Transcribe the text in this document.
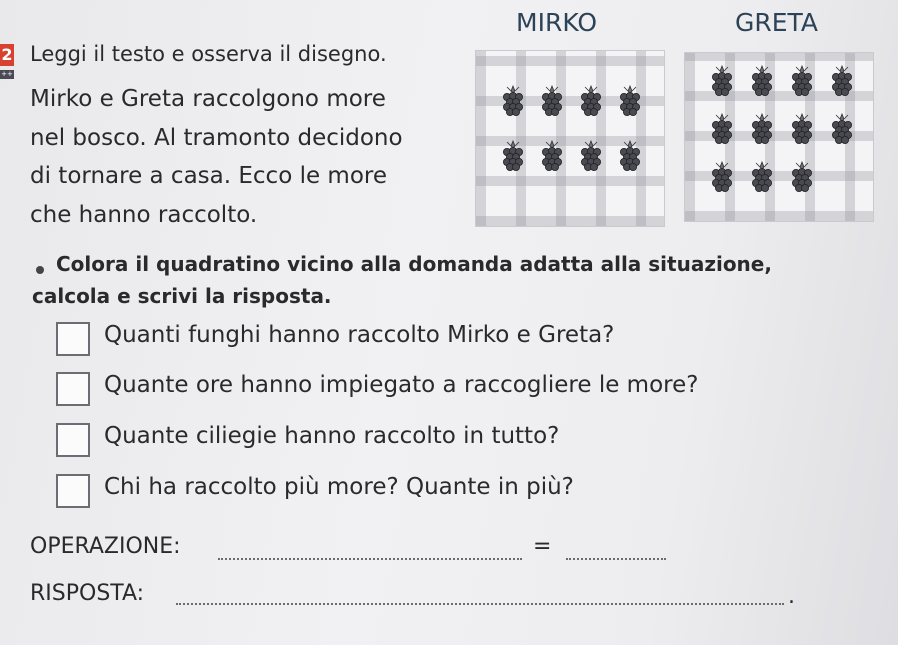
2
++
Leggi il testo e osserva il disegno.
Mirko e Greta raccolgono more
nel bosco. Al tramonto decidono
di tornare a casa. Ecco le more
che hanno raccolto.
MIRKO	GRETA
Colora il quadratino vicino alla domanda adatta alla situazione,
calcola e scrivi la risposta.
Quanti funghi hanno raccolto Mirko e Greta?
Quante ore hanno impiegato a raccogliere le more?
Quante ciliegie hanno raccolto in tutto?
Chi ha raccolto più more? Quante in più?
OPERAZIONE:	=
RISPOSTA:	.
